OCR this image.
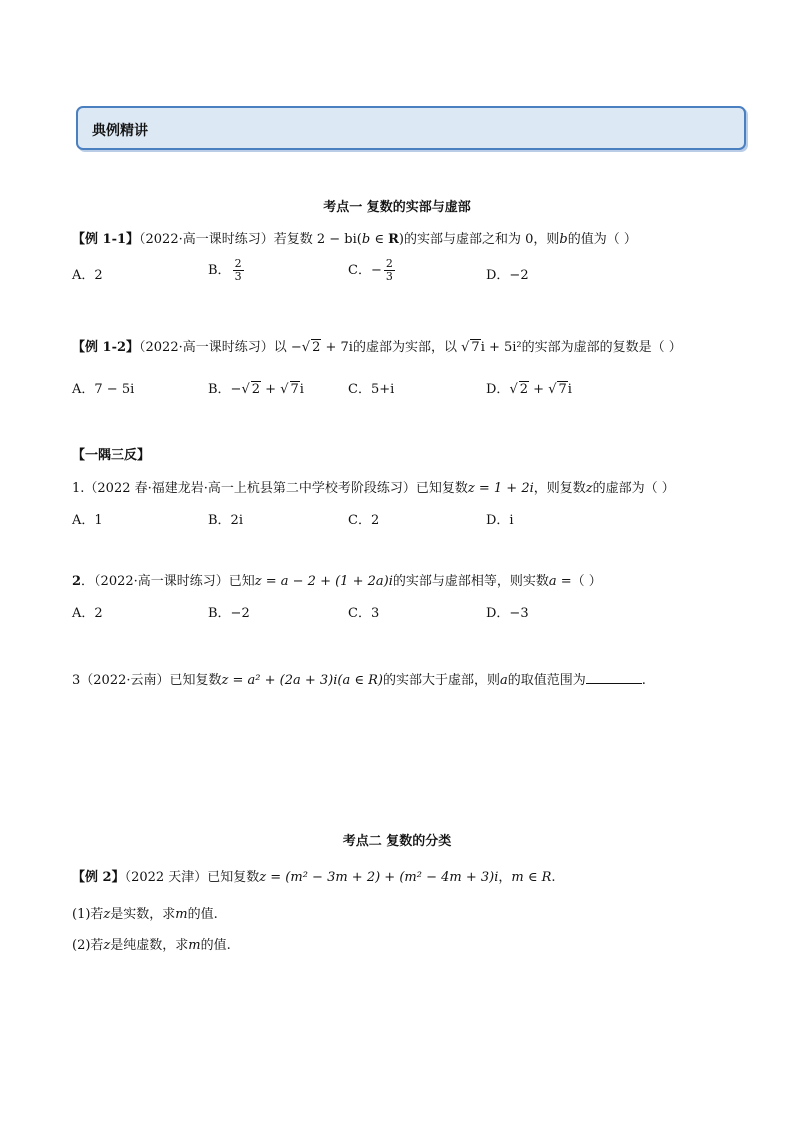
典例精讲
考点一 复数的实部与虚部
【例 1-1】（2022·高一课时练习）若复数 2 − bi(b ∈ R)的实部与虚部之和为 0，则b的值为（ ）
A．2	B． $\frac{2}{3}$	C．− $\frac{2}{3}$	D．−2
【例 1-2】（2022·高一课时练习）以 −√ 2 + 7i的虚部为实部，以 √ 7i + 5i²的实部为虚部的复数是（ ）
A．7 − 5i	B．−√ 2 + √ 7i	C．5+i	D．√ 2 + √ 7i
【一隅三反】
1.（2022 春·福建龙岩·高一上杭县第二中学校考阶段练习）已知复数z = 1 + 2i，则复数z的虚部为（ ）
A．1	B．2i	C．2	D．i
2．（2022·高一课时练习）已知z = a − 2 + (1 + 2a)i的实部与虚部相等，则实数a =（ ）
A．2	B．−2	C．3	D．−3
3（2022·云南）已知复数z = a² + (2a + 3)i(a ∈ R)的实部大于虚部，则a的取值范围为	.
考点二 复数的分类
【例 2】（2022 天津）已知复数z = (m² − 3m + 2) + (m² − 4m + 3)i，m ∈ R.
(1)若z是实数，求m的值.
(2)若z是纯虚数，求m的值.
